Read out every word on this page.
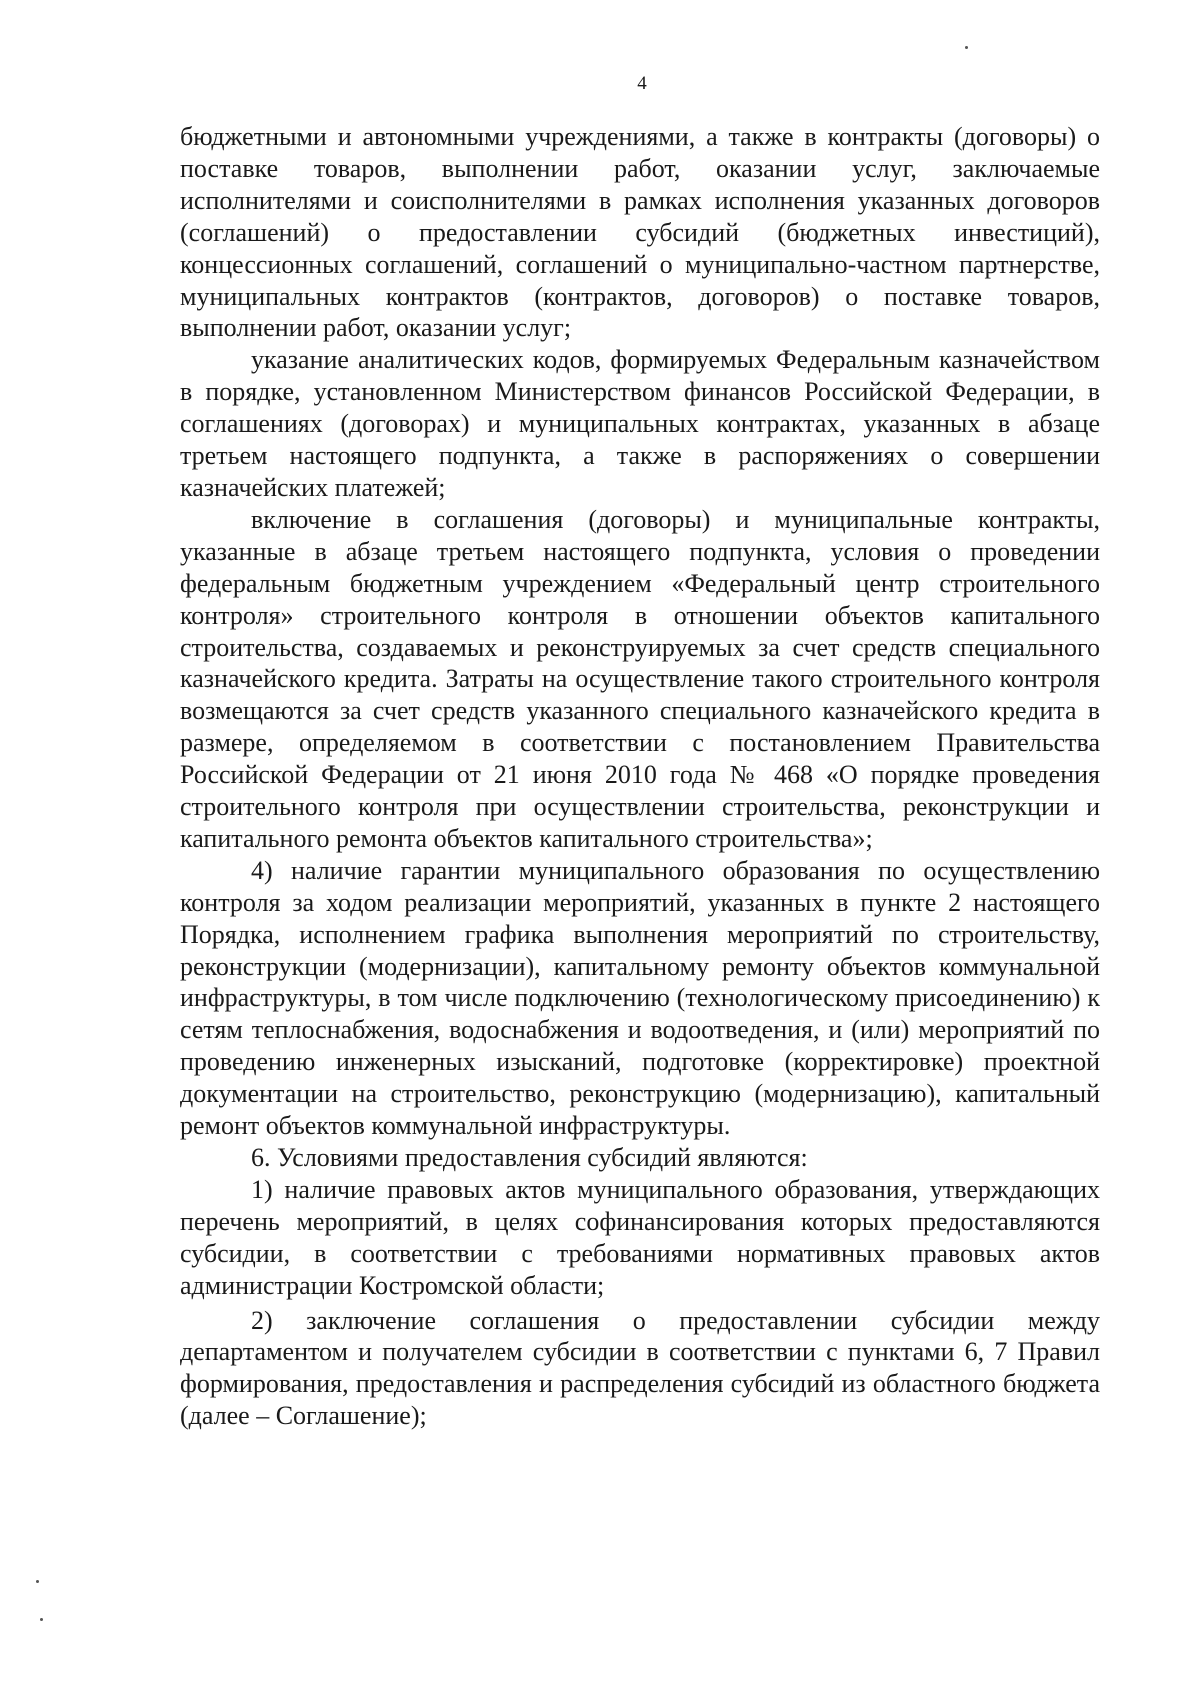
4

бюджетными и автономными учреждениями, а также в контракты (договоры) о поставке товаров, выполнении работ, оказании услуг, заключаемые исполнителями и соисполнителями в рамках исполнения указанных договоров (соглашений) о предоставлении субсидий (бюджетных инвестиций), концессионных соглашений, соглашений о муниципально-частном партнерстве, муниципальных контрактов (контрактов, договоров) о поставке товаров, выполнении работ, оказании услуг;

указание аналитических кодов, формируемых Федеральным казначейством в порядке, установленном Министерством финансов Российской Федерации, в соглашениях (договорах) и муниципальных контрактах, указанных в абзаце третьем настоящего подпункта, а также в распоряжениях о совершении казначейских платежей;

включение в соглашения (договоры) и муниципальные контракты, указанные в абзаце третьем настоящего подпункта, условия о проведении федеральным бюджетным учреждением «Федеральный центр строительного контроля» строительного контроля в отношении объектов капитального строительства, создаваемых и реконструируемых за счет средств специального казначейского кредита. Затраты на осуществление такого строительного контроля возмещаются за счет средств указанного специального казначейского кредита в размере, определяемом в соответствии с постановлением Правительства Российской Федерации от 21 июня 2010 года № 468 «О порядке проведения строительного контроля при осуществлении строительства, реконструкции и капитального ремонта объектов капитального строительства»;

4) наличие гарантии муниципального образования по осуществлению контроля за ходом реализации мероприятий, указанных в пункте 2 настоящего Порядка, исполнением графика выполнения мероприятий по строительству, реконструкции (модернизации), капитальному ремонту объектов коммунальной инфраструктуры, в том числе подключению (технологическому присоединению) к сетям теплоснабжения, водоснабжения и водоотведения, и (или) мероприятий по проведению инженерных изысканий, подготовке (корректировке) проектной документации на строительство, реконструкцию (модернизацию), капитальный ремонт объектов коммунальной инфраструктуры.

6. Условиями предоставления субсидий являются:

1) наличие правовых актов муниципального образования, утверждающих перечень мероприятий, в целях софинансирования которых предоставляются субсидии, в соответствии с требованиями нормативных правовых актов администрации Костромской области;

2) заключение соглашения о предоставлении субсидии между департаментом и получателем субсидии в соответствии с пунктами 6, 7 Правил формирования, предоставления и распределения субсидий из областного бюджета (далее – Соглашение);
